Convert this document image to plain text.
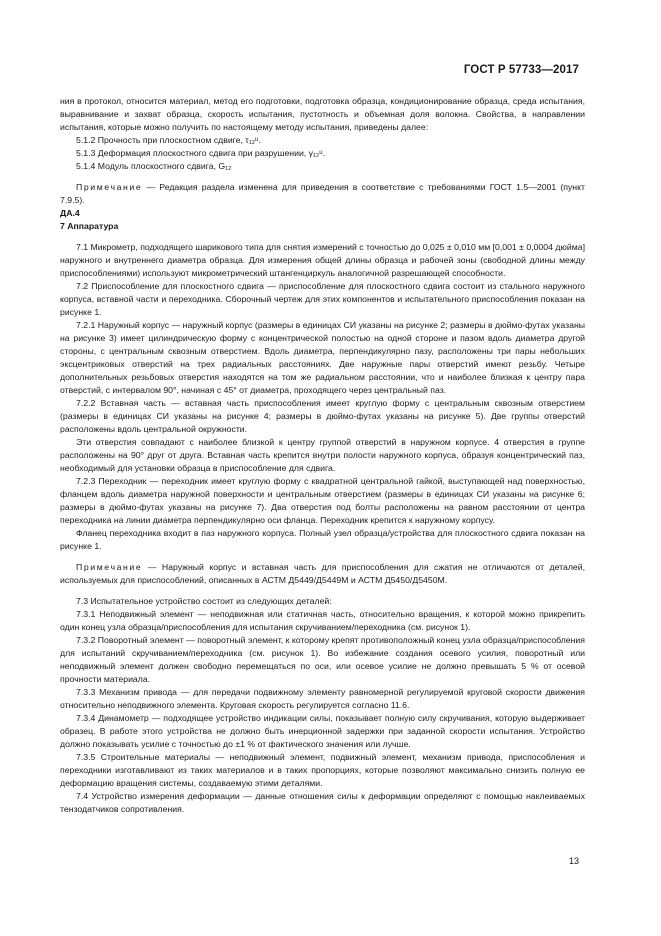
ГОСТ Р 57733—2017

ния в протокол, относится материал, метод его подготовки, подготовка образца, кондиционирование образца, среда испытания, выравнивание и захват образца, скорость испытания, пустотность и объемная доля волокна. Свойства, в направлении испытания, которые можно получить по настоящему методу испытания, приведены далее:

5.1.2 Прочность при плоскостном сдвиге, τ₁₂ᵘ.

5.1.3 Деформация плоскостного сдвига при разрушении, γ₁₂ᵘ.

5.1.4 Модуль плоскостного сдвига, G₁₂

Примечание — Редакция раздела изменена для приведения в соответствие с требованиями ГОСТ 1.5—2001 (пункт 7.9.5).

ДА.4

7 Аппаратура

7.1 Микрометр, подходящего шарикового типа для снятия измерений с точностью до 0,025 ± 0,010 мм [0,001 ± 0,0004 дюйма] наружного и внутреннего диаметра образца. Для измерения общей длины образца и рабочей зоны (свободной длины между приспособлениями) используют микрометрический штангенциркуль аналогичной разрешающей способности.

7.2 Приспособление для плоскостного сдвига — приспособление для плоскостного сдвига состоит из стального наружного корпуса, вставной части и переходника. Сборочный чертеж для этих компонентов и испытательного приспособления показан на рисунке 1.

7.2.1 Наружный корпус — наружный корпус (размеры в единицах СИ указаны на рисунке 2; размеры в дюймо-футах указаны на рисунке 3) имеет цилиндрическую форму с концентрической полостью на одной стороне и пазом вдоль диаметра другой стороны, с центральным сквозным отверстием. Вдоль диаметра, перпендикулярно пазу, расположены три пары небольших эксцентриковых отверстий на трех радиальных расстояниях. Две наружные пары отверстий имеют резьбу. Четыре дополнительных резьбовых отверстия находятся на том же радиальном расстоянии, что и наиболее близкая к центру пара отверстий, с интервалом 90°, начиная с 45° от диаметра, проходящего через центральный паз.

7.2.2 Вставная часть — вставная часть приспособления имеет круглую форму с центральным сквозным отверстием (размеры в единицах СИ указаны на рисунке 4; размеры в дюймо-футах указаны на рисунке 5). Две группы отверстий расположены вдоль центральной окружности.

Эти отверстия совпадают с наиболее близкой к центру группой отверстий в наружном корпусе. 4 отверстия в группе расположены на 90° друг от друга. Вставная часть крепится внутри полости наружного корпуса, образуя концентрический паз, необходимый для установки образца в приспособление для сдвига.

7.2.3 Переходник — переходник имеет круглую форму с квадратной центральной гайкой, выступающей над поверхностью, фланцем вдоль диаметра наружной поверхности и центральным отверстием (размеры в единицах СИ указаны на рисунке 6; размеры в дюймо-футах указаны на рисунке 7). Два отверстия под болты расположены на равном расстоянии от центра переходника на линии диаметра перпендикулярно оси фланца. Переходник крепится к наружному корпусу.

Фланец переходника входит в паз наружного корпуса. Полный узел образца/устройства для плоскостного сдвига показан на рисунке 1.

Примечание — Наружный корпус и вставная часть для приспособления для сжатия не отличаются от деталей, используемых для приспособлений, описанных в АСТМ Д5449/Д5449М и АСТМ Д5450/Д5450М.

7.3 Испытательное устройство состоит из следующих деталей:

7.3.1 Неподвижный элемент — неподвижная или статичная часть, относительно вращения, к которой можно прикрепить один конец узла образца/приспособления для испытания скручиванием/переходника (см. рисунок 1).

7.3.2 Поворотный элемент — поворотный элемент, к которому крепят противоположный конец узла образца/приспособления для испытаний скручиванием/переходника (см. рисунок 1). Во избежание создания осевого усилия, поворотный или неподвижный элемент должен свободно перемещаться по оси, или осевое усилие не должно превышать 5 % от осевой прочности материала.

7.3.3 Механизм привода — для передачи подвижному элементу равномерной регулируемой круговой скорости движения относительно неподвижного элемента. Круговая скорость регулируется согласно 11.6.

7.3.4 Динамометр — подходящее устройство индикации силы, показывает полную силу скручивания, которую выдерживает образец. В работе этого устройства не должно быть инерционной задержки при заданной скорости испытания. Устройство должно показывать усилие с точностью до ±1 % от фактического значения или лучше.

7.3.5 Строительные материалы — неподвижный элемент, подвижный элемент, механизм привода, приспособления и переходники изготавливают из таких материалов и в таких пропорциях, которые позволяют максимально снизить полную ее деформацию вращения системы, создаваемую этими деталями.

7.4 Устройство измерения деформации — данные отношения силы к деформации определяют с помощью наклеиваемых тензодатчиков сопротивления.

13
